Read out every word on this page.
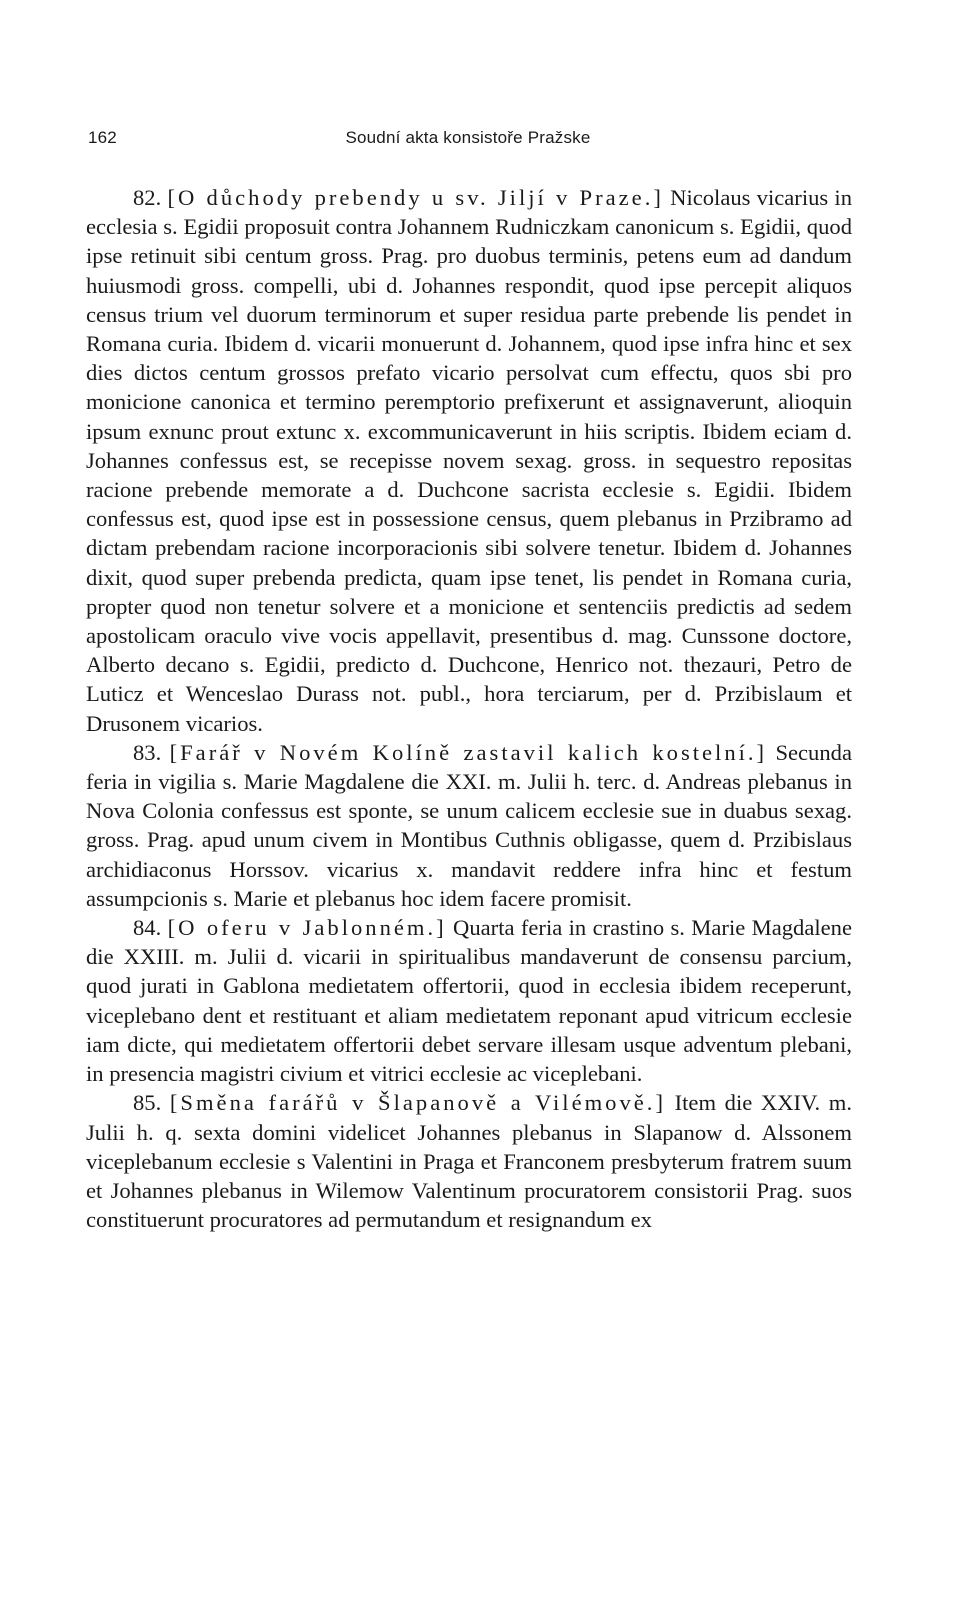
162	Soudní akta konsistoře Pražske

82. [O důchody prebendy u sv. Jiljí v Praze.] Nicolaus vicarius in ecclesia s. Egidii proposuit contra Johannem Rudniczkam canonicum s. Egidii, quod ipse retinuit sibi centum gross. Prag. pro duobus terminis, petens eum ad dandum huiusmodi gross. compelli, ubi d. Johannes respondit, quod ipse percepit aliquos census trium vel duorum terminorum et super residua parte prebende lis pendet in Romana curia. Ibidem d. vicarii monuerunt d. Johannem, quod ipse infra hinc et sex dies dictos centum grossos prefato vicario persolvat cum effectu, quos sbi pro monicione canonica et termino peremptorio prefixerunt et assignaverunt, alioquin ipsum exnunc prout extunc x. excommunicaverunt in hiis scriptis. Ibidem eciam d. Johannes confessus est, se recepisse novem sexag. gross. in sequestro repositas racione prebende memorate a d. Duchcone sacrista ecclesie s. Egidii. Ibidem confessus est, quod ipse est in possessione census, quem plebanus in Przibramo ad dictam prebendam racione incorporacionis sibi solvere tenetur. Ibidem d. Johannes dixit, quod super prebenda predicta, quam ipse tenet, lis pendet in Romana curia, propter quod non tenetur solvere et a monicione et sentenciis predictis ad sedem apostolicam oraculo vive vocis appellavit, presentibus d. mag. Cunssone doctore, Alberto decano s. Egidii, predicto d. Duchcone, Henrico not. thezauri, Petro de Luticz et Wenceslao Durass not. publ., hora terciarum, per d. Przibislaum et Drusonem vicarios.

83. [Farář v Novém Kolíně zastavil kalich kostelní.] Secunda feria in vigilia s. Marie Magdalene die XXI. m. Julii h. terc. d. Andreas plebanus in Nova Colonia confessus est sponte, se unum calicem ecclesie sue in duabus sexag. gross. Prag. apud unum civem in Montibus Cuthnis obligasse, quem d. Przibislaus archidiaconus Horssov. vicarius x. mandavit reddere infra hinc et festum assumpcionis s. Marie et plebanus hoc idem facere promisit.

84. [O oferu v Jablonném.] Quarta feria in crastino s. Marie Magdalene die XXIII. m. Julii d. vicarii in spiritualibus mandaverunt de consensu parcium, quod jurati in Gablona medietatem offertorii, quod in ecclesia ibidem receperunt, viceplebano dent et restituant et aliam medietatem reponant apud vitricum ecclesie iam dicte, qui medietatem offertorii debet servare illesam usque adventum plebani, in presencia magistri civium et vitrici ecclesie ac viceplebani.

85. [Směna farářů v Šlapanově a Vilémově.] Item die XXIV. m. Julii h. q. sexta domini videlicet Johannes plebanus in Slapanow d. Alssonem viceplebanum ecclesie s Valentini in Praga et Franconem presbyterum fratrem suum et Johannes plebanus in Wilemow Valentinum procuratorem consistorii Prag. suos constituerunt procuratores ad permutandum et resignandum ex
